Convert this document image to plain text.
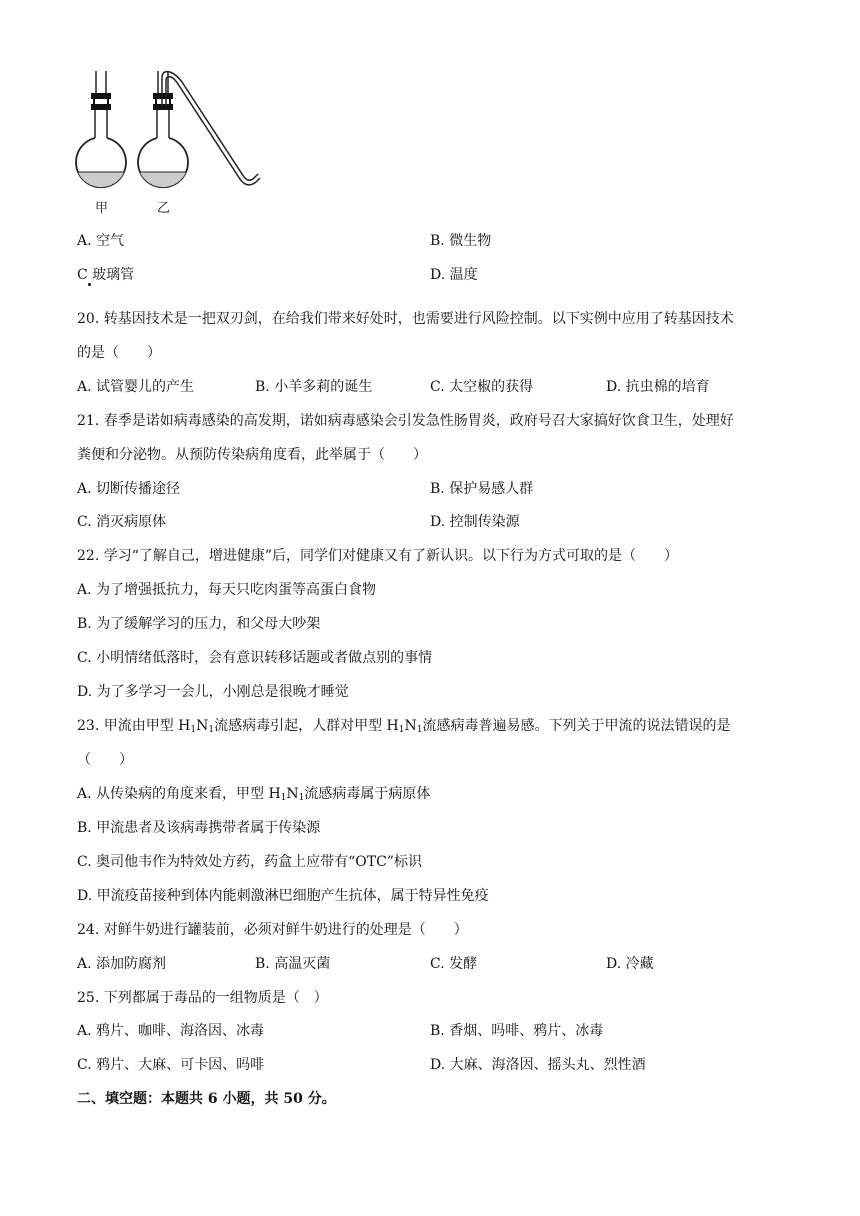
甲	乙
A. 空气	B. 微生物
C 玻璃管	D. 温度
20. 转基因技术是一把双刃剑，在给我们带来好处时，也需要进行风险控制。以下实例中应用了转基因技术
的是（　　）
A. 试管婴儿的产生	B. 小羊多莉的诞生	C. 太空椒的获得	D. 抗虫棉的培育
21. 春季是诺如病毒感染的高发期，诺如病毒感染会引发急性肠胃炎，政府号召大家搞好饮食卫生，处理好
粪便和分泌物。从预防传染病角度看，此举属于（　　）
A. 切断传播途径	B. 保护易感人群
C. 消灭病原体	D. 控制传染源
22. 学习“了解自己，增进健康”后，同学们对健康又有了新认识。以下行为方式可取的是（　　）
A. 为了增强抵抗力，每天只吃肉蛋等高蛋白食物
B. 为了缓解学习的压力，和父母大吵架
C. 小明情绪低落时，会有意识转移话题或者做点别的事情
D. 为了多学习一会儿，小刚总是很晚才睡觉
23. 甲流由甲型 $H_1N_1$流感病毒引起，人群对甲型 $H_1N_1$流感病毒普遍易感。下列关于甲流的说法错误的是
（　　）
A. 从传染病的角度来看，甲型 $H_1N_1$流感病毒属于病原体
B. 甲流患者及该病毒携带者属于传染源
C. 奥司他韦作为特效处方药，药盒上应带有“OTC”标识
D. 甲流疫苗接种到体内能刺激淋巴细胞产生抗体，属于特异性免疫
24. 对鲜牛奶进行罐装前，必须对鲜牛奶进行的处理是（　　）
A. 添加防腐剂	B. 高温灭菌	C. 发酵	D. 冷藏
25. 下列都属于毒品的一组物质是（　）
A. 鸦片、咖啡、海洛因、冰毒	B. 香烟、吗啡、鸦片、冰毒
C. 鸦片、大麻、可卡因、吗啡	D. 大麻、海洛因、摇头丸、烈性酒
二、填空题：本题共 6 小题，共 50 分。
